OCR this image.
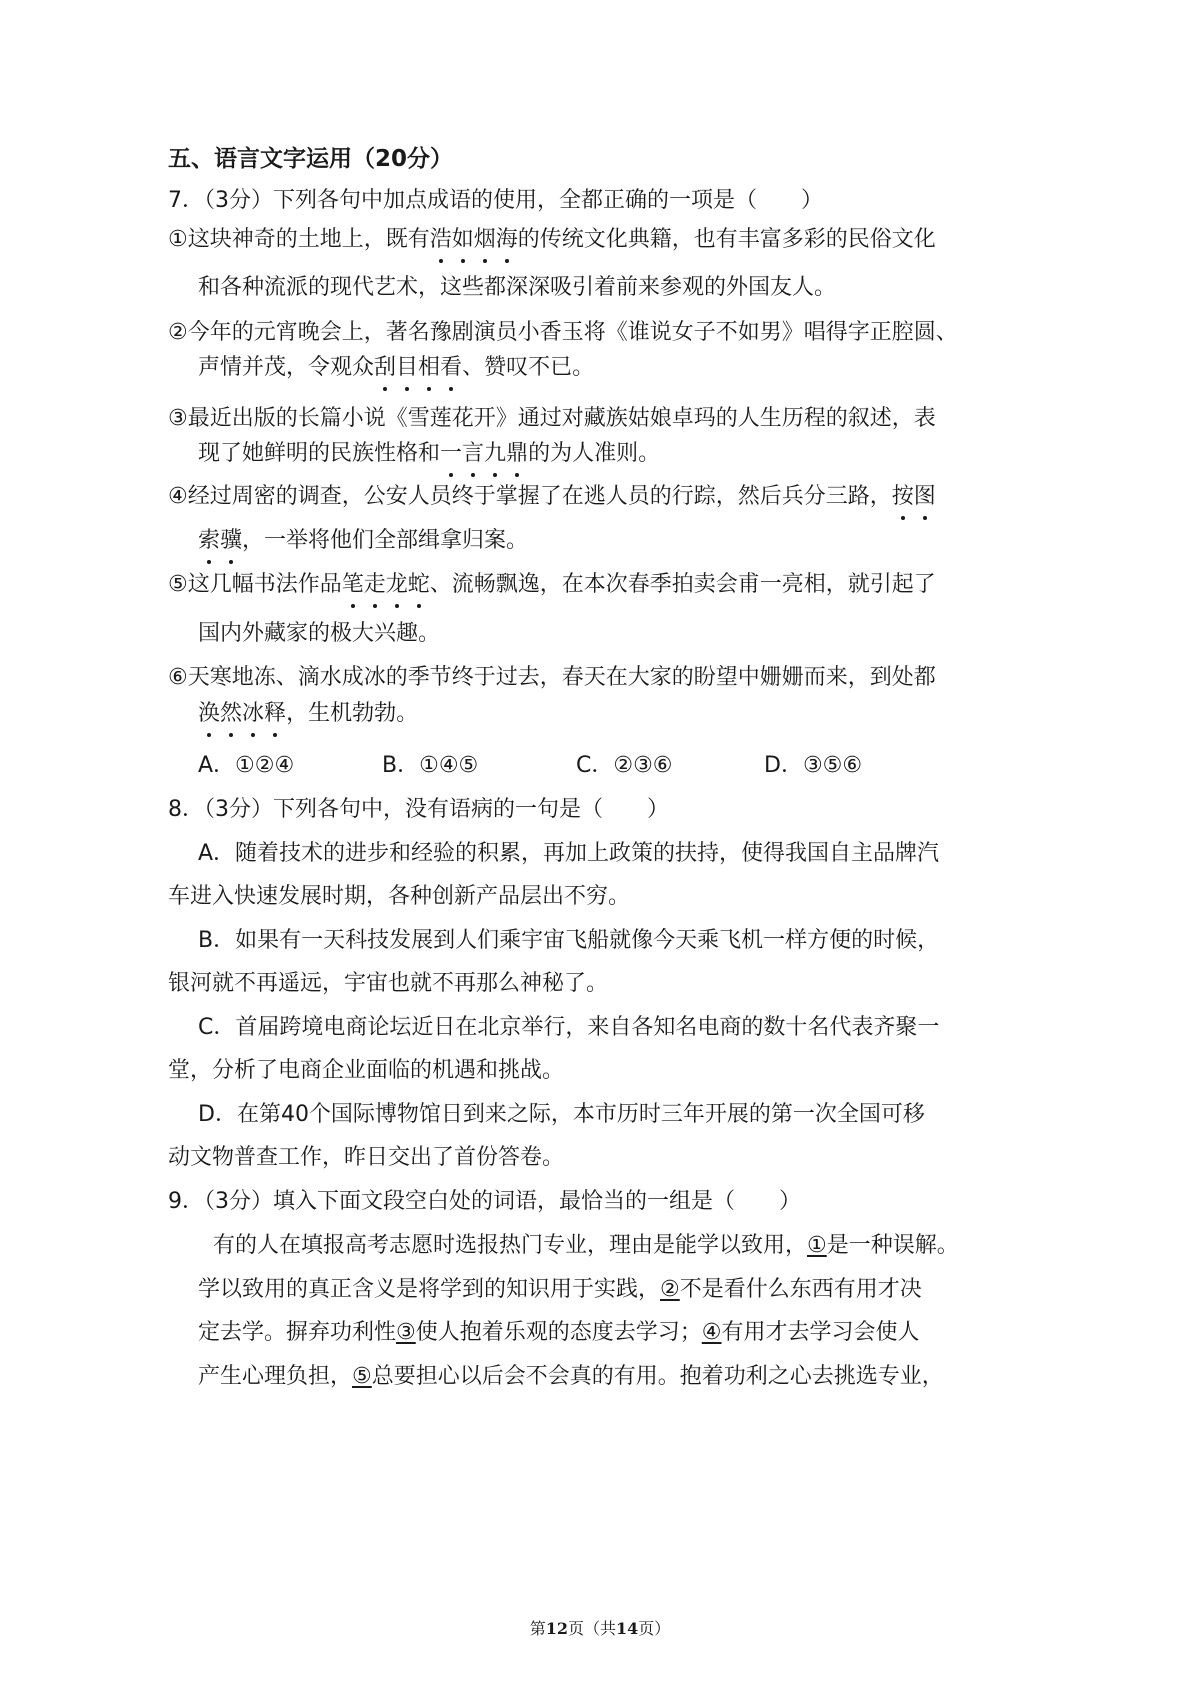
五、语言文字运用（20分）
7．（3分）下列各句中加点成语的使用，全都正确的一项是（　　）
①这块神奇的土地上，既有浩如烟海的传统文化典籍，也有丰富多彩的民俗文化
和各种流派的现代艺术，这些都深深吸引着前来参观的外国友人。
②今年的元宵晚会上，著名豫剧演员小香玉将《谁说女子不如男》唱得字正腔圆、
声情并茂，令观众刮目相看、赞叹不已。
③最近出版的长篇小说《雪莲花开》通过对藏族姑娘卓玛的人生历程的叙述，表
现了她鲜明的民族性格和一言九鼎的为人准则。
④经过周密的调查，公安人员终于掌握了在逃人员的行踪，然后兵分三路，按图
索骥，一举将他们全部缉拿归案。
⑤这几幅书法作品笔走龙蛇、流畅飘逸，在本次春季拍卖会甫一亮相，就引起了
国内外藏家的极大兴趣。
⑥天寒地冻、滴水成冰的季节终于过去，春天在大家的盼望中姗姗而来，到处都
涣然冰释，生机勃勃。
A．①②④	B．①④⑤	C．②③⑥	D．③⑤⑥
8．（3分）下列各句中，没有语病的一句是（　　）
A．随着技术的进步和经验的积累，再加上政策的扶持，使得我国自主品牌汽
车进入快速发展时期，各种创新产品层出不穷。
B．如果有一天科技发展到人们乘宇宙飞船就像今天乘飞机一样方便的时候，
银河就不再遥远，宇宙也就不再那么神秘了。
C．首届跨境电商论坛近日在北京举行，来自各知名电商的数十名代表齐聚一
堂，分析了电商企业面临的机遇和挑战。
D．在第40个国际博物馆日到来之际，本市历时三年开展的第一次全国可移
动文物普查工作，昨日交出了首份答卷。
9．（3分）填入下面文段空白处的词语，最恰当的一组是（　　）
有的人在填报高考志愿时选报热门专业，理由是能学以致用，①是一种误解。
学以致用的真正含义是将学到的知识用于实践，②不是看什么东西有用才决
定去学。摒弃功利性③使人抱着乐观的态度去学习；④有用才去学习会使人
产生心理负担，⑤总要担心以后会不会真的有用。抱着功利之心去挑选专业，
第12页（共14页）
